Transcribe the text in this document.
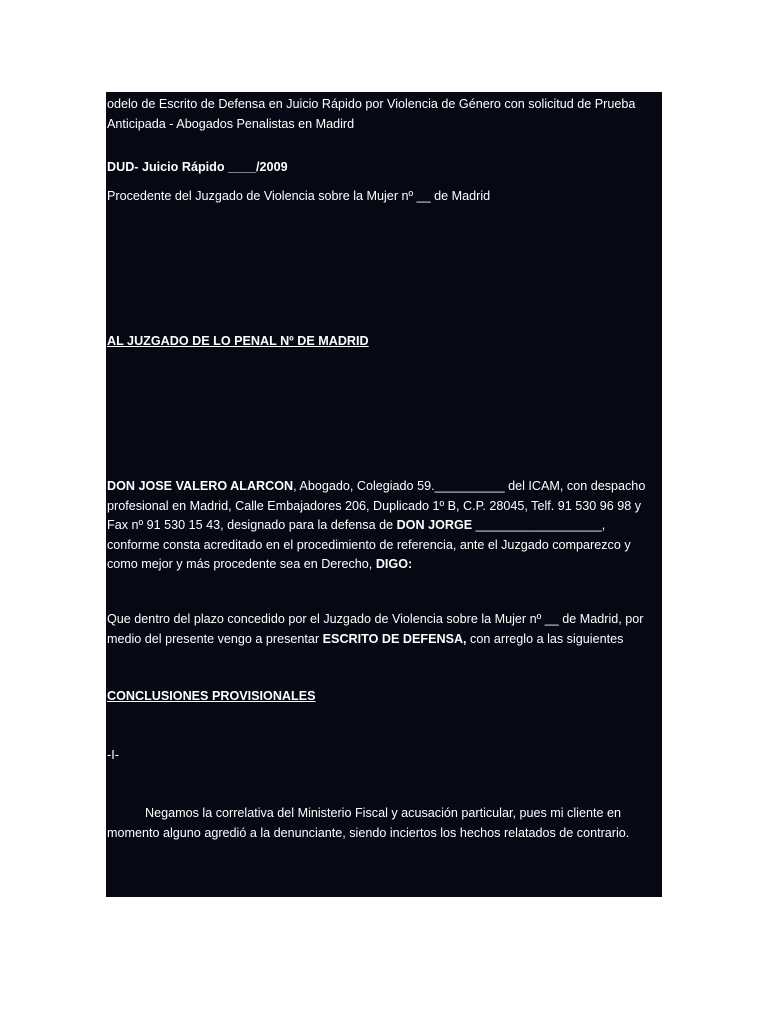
odelo de Escrito de Defensa en Juicio Rápido por Violencia de Género con solicitud de Prueba
Anticipada - Abogados Penalistas en Madird

DUD- Juicio Rápido ____/2009

Procedente del Juzgado de Violencia sobre la Mujer nº __ de Madrid

AL JUZGADO DE LO PENAL Nº DE MADRID

DON JOSE VALERO ALARCON, Abogado, Colegiado 59.__________ del ICAM, con despacho profesional en Madrid, Calle Embajadores 206, Duplicado 1º B, C.P. 28045, Telf. 91 530 96 98 y Fax nº 91 530 15 43, designado para la defensa de DON JORGE __________________, conforme consta acreditado en el procedimiento de referencia, ante el Juzgado comparezco y como mejor y más procedente sea en Derecho, DIGO:

Que dentro del plazo concedido por el Juzgado de Violencia sobre la Mujer nº __ de Madrid, por medio del presente vengo a presentar ESCRITO DE DEFENSA, con arreglo a las siguientes

CONCLUSIONES PROVISIONALES

-I-

Negamos la correlativa del Ministerio Fiscal y acusación particular, pues mi cliente en momento alguno agredió a la denunciante, siendo inciertos los hechos relatados de contrario.
